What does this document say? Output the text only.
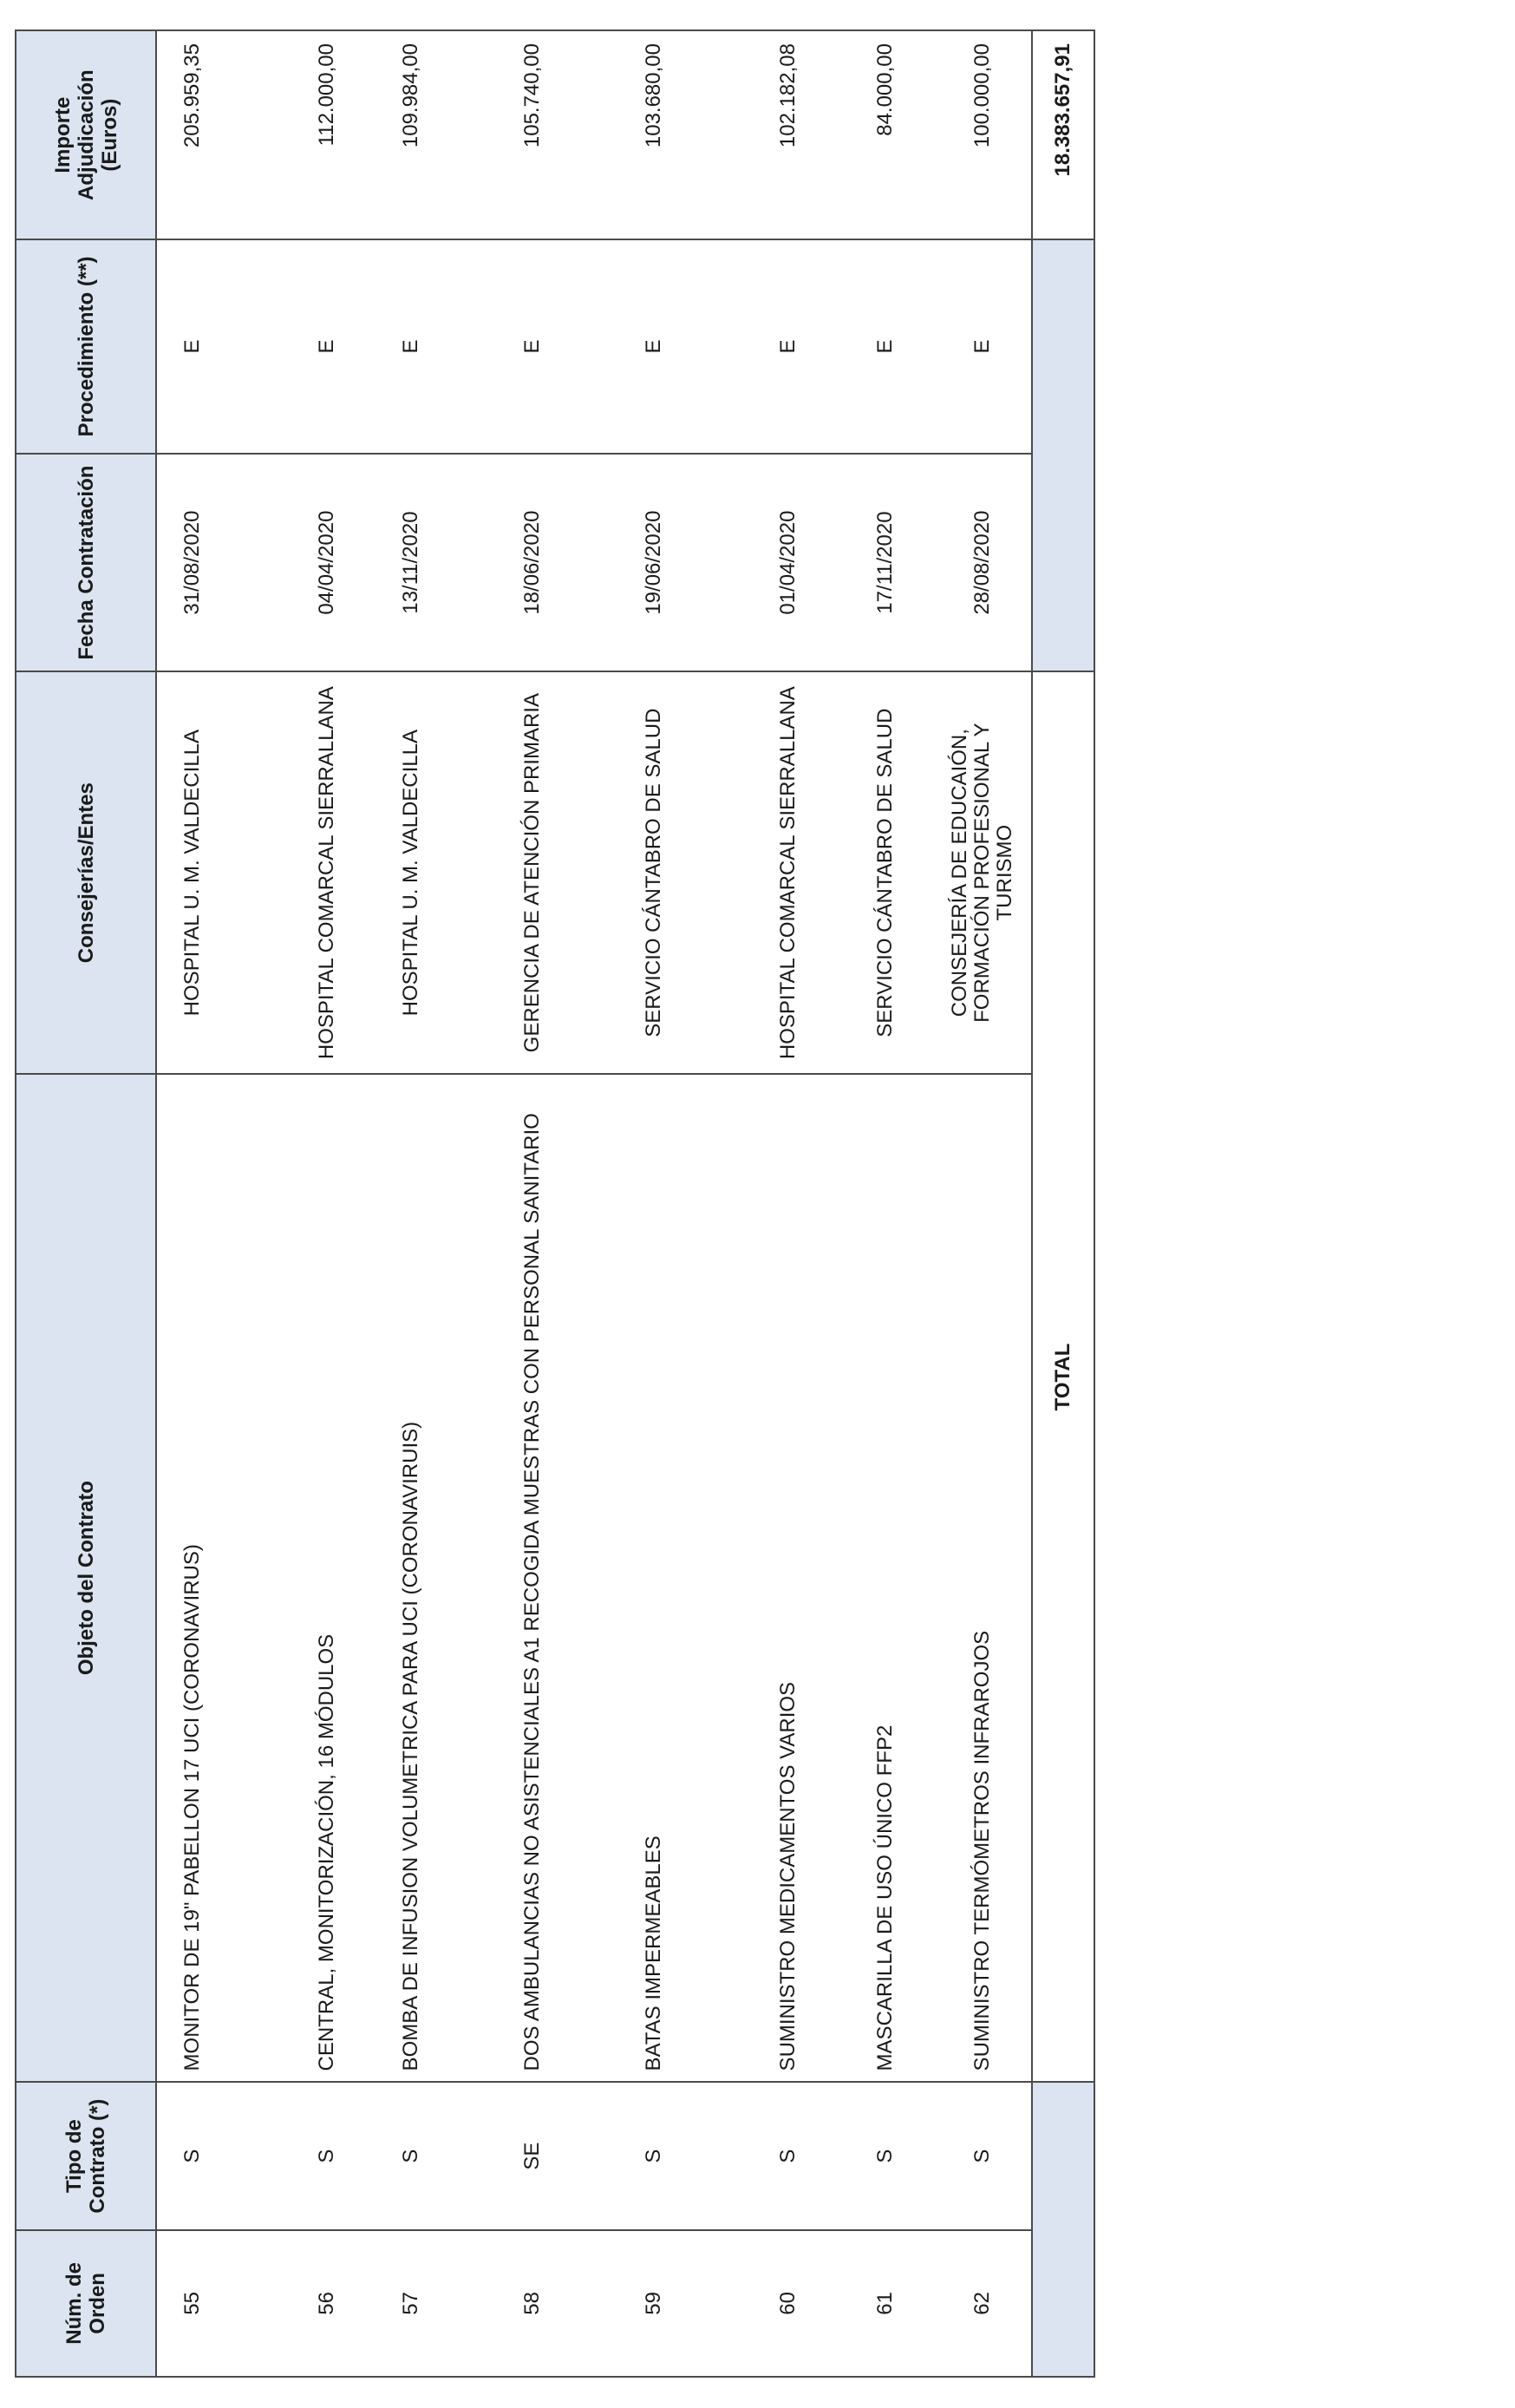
Núm. de Orden	Tipo de Contrato (*)	Objeto del Contrato	Consejerías/Entes	Fecha Contratación	Procedimiento (**)	Importe Adjudicación (Euros)
55	S	MONITOR DE 19" PABELLON 17 UCI (CORONAVIRUS)	HOSPITAL U. M. VALDECILLA	31/08/2020	E	205.959,35
56	S	CENTRAL, MONITORIZACIÓN, 16 MÓDULOS	HOSPITAL COMARCAL SIERRALLANA	04/04/2020	E	112.000,00
57	S	BOMBA DE INFUSION VOLUMETRICA PARA UCI (CORONAVIRUIS)	HOSPITAL U. M. VALDECILLA	13/11/2020	E	109.984,00
58	SE	DOS AMBULANCIAS NO ASISTENCIALES A1 RECOGIDA MUESTRAS CON PERSONAL SANITARIO	GERENCIA DE ATENCIÓN PRIMARIA	18/06/2020	E	105.740,00
59	S	BATAS IMPERMEABLES	SERVICIO CÁNTABRO DE SALUD	19/06/2020	E	103.680,00
60	S	SUMINISTRO MEDICAMENTOS VARIOS	HOSPITAL COMARCAL SIERRALLANA	01/04/2020	E	102.182,08
61	S	MASCARILLA DE USO ÚNICO FFP2	SERVICIO CÁNTABRO DE SALUD	17/11/2020	E	84.000,00
62	S	SUMINISTRO TERMÓMETROS INFRAROJOS	CONSEJERÍA DE EDUCAIÓN, FORMACIÓN PROFESIONAL Y TURISMO	28/08/2020	E	100.000,00
		TOTAL				18.383.657,91
